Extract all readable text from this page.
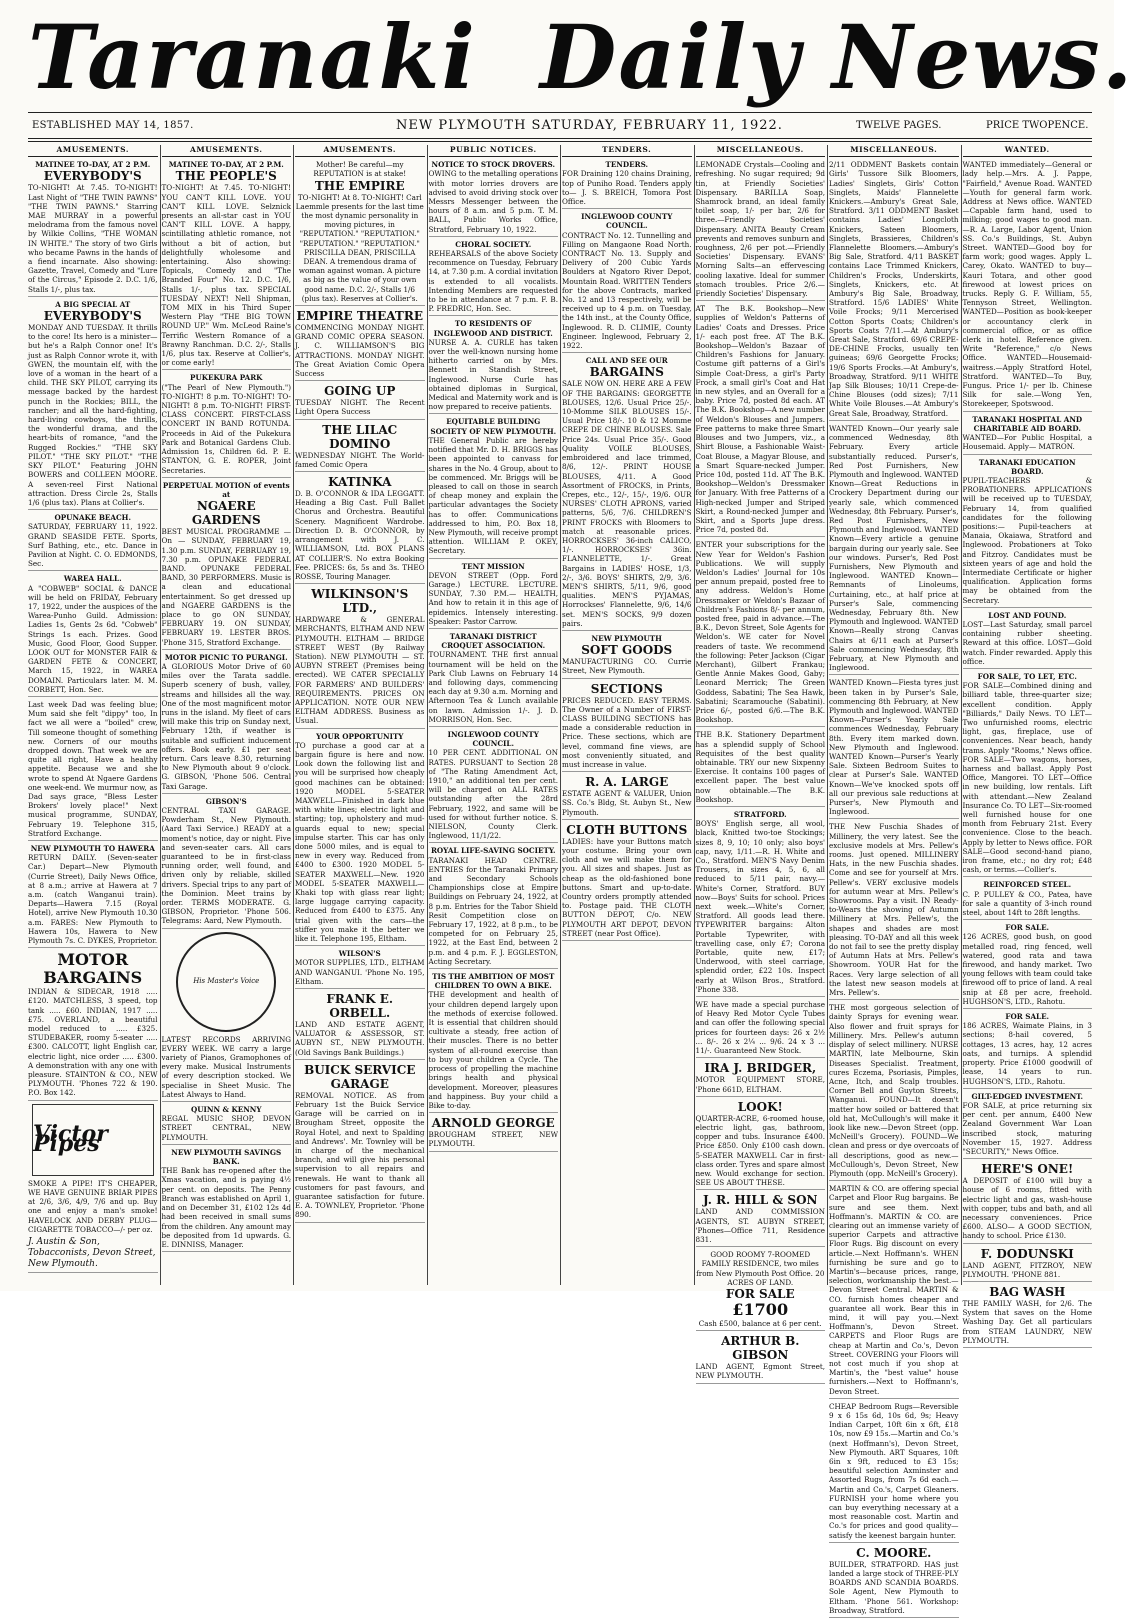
Taranaki Daily News.
ESTABLISHED MAY 14, 1857.	NEW PLYMOUTH SATURDAY, FEBRUARY 11, 1922.	TWELVE PAGES.	PRICE TWOPENCE.
AMUSEMENTS.
MATINEE TO-DAY, AT 2 P.M.
EVERYBODY'S

TO-NIGHT! At 7.45. TO-NIGHT! Last Night of "THE TWIN PAWNS" "THE TWIN PAWNS." Starring MAE MURRAY in a powerful melodrama from the famous novel by Wilkie Collins, "THE WOMAN IN WHITE." The story of two Girls who became Pawns in the hands of a fiend incarnate. Also showing: Gazette, Travel, Comedy and "Lure of the Circus," Episode 2. D.C. 1/6, Stalls 1/-, plus tax.

A BIG SPECIAL AT
EVERYBODY'S

MONDAY AND TUESDAY. It thrills to the core! Its hero is a minister—but he's a Ralph Connor one! It's just as Ralph Connor wrote it, with GWEN, the mountain elf, with the love of a woman in the heart of a child. THE SKY PILOT, carrying its message backed by the hardest punch in the Rockies; BILL, the rancher; and all the hard-fighting, hard-living cowboys, the thrills, the wonderful drama, and the heart-bits of romance, "and the Rugged Rockies." "THE SKY PILOT." "THE SKY PILOT." "THE SKY PILOT." Featuring JOHN BOWERS and COLLEEN MOORE. A seven-reel First National attraction. Dress Circle 2s, Stalls 1/6 (plus tax). Plans at Collier's.

OPUNAKE BEACH.

SATURDAY, FEBRUARY 11, 1922. GRAND SEASIDE FETE. Sports, Surf Bathing, etc., etc. Dance in Pavilion at Night. C. O. EDMONDS, Sec.

WAREA HALL.

A "COBWEB" SOCIAL & DANCE will be held on FRIDAY, February 17, 1922, under the auspices of the Warea-Punho Guild. Admission: Ladies 1s, Gents 2s 6d. "Cobweb" Strings 1s each. Prizes. Good Music, Good Floor, Good Supper. LOOK OUT for MONSTER FAIR & GARDEN FETE & CONCERT, March 15, 1922, in WAREA DOMAIN. Particulars later. M. M. CORBETT, Hon. Sec.

Last week Dad was feeling blue; Mum said she felt "dippy" too, In fact we all were a "boiled" crew, Till someone thought of something new. Corners of our mouths dropped down. That week we are quite all right, Have a healthy appetite. Because we and she wrote to spend At Ngaere Gardens one week-end. We murmur now, as Dad says grace, "Bless Lester Brokers' lovely place!" Next musical programme, SUNDAY, February 19. Telephone 315, Stratford Exchange.

NEW PLYMOUTH TO HAWERA

RETURN DAILY. (Seven-seater Car.) Depart—New Plymouth (Currie Street), Daily News Office, at 8 a.m.; arrive at Hawera at 7 a.m. (catch Wanganui train). Departs—Hawera 7.15 (Royal Hotel), arrive New Plymouth 10.30 a.m. FARES: New Plymouth to Hawera 10s, Hawera to New Plymouth 7s. C. DYKES, Proprietor.

MOTOR BARGAINS

INDIAN & SIDECAR, 1918 ..... £120. MATCHLESS, 3 speed, top tank ..... £60. INDIAN, 1917 ..... £75. OVERLAND, a beautiful model reduced to ..... £325. STUDEBAKER, roomy 5-seater ..... £300. CALCOTT, light English car, electric light, nice order ..... £300. A demonstration with any one with pleasure. STAINTON & CO., NEW PLYMOUTH. 'Phones 722 & 190. P.O. Box 142.

Victor Pipes

SMOKE A PIPE! IT'S CHEAPER, WE HAVE GENUINE BRIAR PIPES at 2/6, 3/6, 4/9, 7/6 and up. Buy one and enjoy a man's smoke! HAVELOCK AND DERBY PLUG—CIGARETTE TOBACCO—/- per oz.

J. Austin & Son, Tobacconists, Devon Street, New Plymouth.
AMUSEMENTS.
MATINEE TO-DAY, AT 2 P.M.
THE PEOPLE'S

TO-NIGHT! At 7.45. TO-NIGHT! YOU CAN'T KILL LOVE. YOU CAN'T KILL LOVE. Selznick presents an all-star cast in YOU CAN'T KILL LOVE. A happy, scintillating athletic romance, not without a bit of action, but delightfully wholesome and entertaining. Also showing: Topicals, Comedy and "The Branded Four" No. 12. D.C. 1/6, Stalls 1/-, plus tax. SPECIAL TUESDAY NEXT! Nell Shipman, TOM MIX in his Third Super Western Play "THE BIG TOWN ROUND UP." Wm. McLeod Raine's Terrific Western Romance of a Brawny Ranchman. D.C. 2/-, Stalls 1/6, plus tax. Reserve at Collier's, or come early!

PUKEKURA PARK

("The Pearl of New Plymouth.") TO-NIGHT! 8 p.m. TO-NIGHT! TO-NIGHT! 8 p.m. TO-NIGHT! FIRST-CLASS CONCERT. FIRST-CLASS CONCERT IN BAND ROTUNDA. Proceeds in Aid of the Pukekura Park and Botanical Gardens Club. Admission 1s, Children 6d. P. E. STANTON, G. E. ROPER, Joint Secretaries.

PERPETUAL MOTION of events at
NGAERE GARDENS

BEST MUSICAL PROGRAMME — On — SUNDAY, FEBRUARY 19, 1.30 p.m. SUNDAY, FEBRUARY 19, 7.30 p.m. OPUNAKE FEDERAL BAND. OPUNAKE FEDERAL BAND, 30 PERFORMERS. Music is a clean and educational entertainment. So get dressed up and NGAERE GARDENS is the place to go ON SUNDAY, FEBRUARY 19. ON SUNDAY, FEBRUARY 19. LESTER BROS. 'Phone 315, Stratford Exchange.

MOTOR PICNIC TO PURANGI.

A GLORIOUS Motor Drive of 60 miles over the Tarata saddle. Superb scenery of bush, valley, streams and hillsides all the way. One of the most magnificent motor runs in the island. My fleet of cars will make this trip on Sunday next, February 12th, if weather is suitable and sufficient inducement offers. Book early. £1 per seat return. Cars leave 8.30, returning to New Plymouth about 9 o'clock. G. GIBSON, 'Phone 506. Central Taxi Garage.

GIBSON'S

CENTRAL TAXI GARAGE. Powderham St., New Plymouth. (Aard Taxi Service.) READY at a moment's notice, day or night. Five and seven-seater cars. All cars guaranteed to be in first-class running order, well found, and driven only by reliable, skilled drivers. Special trips to any part of the Dominion. Meet trains by order. TERMS MODERATE. G. GIBSON, Proprietor. 'Phone 506. Telegrams: Aard, New Plymouth.

His Master's Voice

LATEST RECORDS ARRIVING EVERY WEEK. WE carry a large variety of Pianos, Gramophones of every make. Musical Instruments of every description stocked. We specialise in Sheet Music. The Latest Always to Hand.

QUINN & KENNY

REGAL MUSIC SHOP, DEVON STREET CENTRAL, NEW PLYMOUTH.

NEW PLYMOUTH SAVINGS BANK.

THE Bank has re-opened after the Xmas vacation, and is paying 4½ per cent. on deposits. The Penny Branch was established on April 1, and on December 31, £102 12s 4d had been received in small sums from the children. Any amount may be deposited from 1d upwards. G. E. DINNISS, Manager.

AMUSEMENTS.

Mother! Be careful—my REPUTATION is at stake!

THE EMPIRE

TO-NIGHT! At 8. TO-NIGHT! Carl Laemmle presents for the last time the most dynamic personality in moving pictures, in "REPUTATION." "REPUTATION." "REPUTATION." "REPUTATION." PRISCILLA DEAN, PRISCILLA DEAN. A tremendous drama of woman against woman. A picture as big as the value of your own good name. D.C. 2/-, Stalls 1/6 (plus tax). Reserves at Collier's.

EMPIRE THEATRE

COMMENCING MONDAY NIGHT. GRAND COMIC OPERA SEASON. J. C. WILLIAMSON'S BIG ATTRACTIONS. MONDAY NIGHT. The Great Aviation Comic Opera Success

GOING UP

TUESDAY NIGHT. The Recent Light Opera Success

THE LILAC DOMINO

WEDNESDAY NIGHT. The World-famed Comic Opera

KATINKA

D. B. O'CONNOR & IDA LEGGATT. Heading a Big Cast. Full Ballet Chorus and Orchestra. Beautiful Scenery. Magnificent Wardrobe. Direction D. B. O'CONNOR, by arrangement with J. C. WILLIAMSON, Ltd. BOX PLANS AT COLLIER'S. No extra Booking Fee. PRICES: 6s, 5s and 3s. THEO ROSSE, Touring Manager.

WILKINSON'S LTD.,

HARDWARE & GENERAL MERCHANTS, ELTHAM AND NEW PLYMOUTH. ELTHAM — BRIDGE STREET WEST (By Railway Station). NEW PLYMOUTH — ST. AUBYN STREET (Premises being erected). WE CATER SPECIALLY FOR FARMERS' AND BUILDERS' REQUIREMENTS. PRICES ON APPLICATION. NOTE OUR NEW ELTHAM ADDRESS. Business as Usual.

YOUR OPPORTUNITY

TO purchase a good car at a bargain figure is here and now. Look down the following list and you will be surprised how cheaply good machines can be obtained: 1920 MODEL 5-SEATER MAXWELL—Finished in dark blue with white lines; electric light and starting; top, upholstery and mud-guards equal to new; special impulse starter. This car has only done 5000 miles, and is equal to new in every way. Reduced from £400 to £300. 1920 MODEL 5-SEATER MAXWELL—New. 1920 MODEL 5-SEATER MAXWELL—Khaki top with glass rear light; large luggage carrying capacity. Reduced from £400 to £375. Any trial given with the cars—the stiffer you make it the better we like it. Telephone 195, Eltham.

WILSON'S

MOTOR SUPPLIES, LTD., ELTHAM AND WANGANUI. 'Phone No. 195, Eltham.

FRANK E. ORBELL.

LAND AND ESTATE AGENT, VALUATOR & ASSESSOR, ST. AUBYN ST., NEW PLYMOUTH. (Old Savings Bank Buildings.)

BUICK SERVICE GARAGE

REMOVAL NOTICE. AS from February 1st the Buick Service Garage will be carried on in Brougham Street, opposite the Royal Hotel, and next to Spalding and Andrews'. Mr. Townley will be in charge of the mechanical branch, and will give his personal supervision to all repairs and renewals. He want to thank all customers for past favours, and guarantee satisfaction for future. E. A. TOWNLEY, Proprietor. 'Phone 890.

PUBLIC NOTICES.
NOTICE TO STOCK DROVERS.

OWING to the metalling operations with motor lorries drovers are advised to avoid driving stock over Messrs Messenger between the hours of 8 a.m. and 5 p.m. T. M. BALL, Public Works Office, Stratford, February 10, 1922.

CHORAL SOCIETY.

REHEARSALS of the above Society recommence on Tuesday, February 14, at 7.30 p.m. A cordial invitation is extended to all vocalists. Intending Members are requested to be in attendance at 7 p.m. F. B. P. FREDRIC, Hon. Sec.

TO RESIDENTS OF INGLEWOOD AND DISTRICT.

NURSE A. A. CURLE has taken over the well-known nursing home hitherto carried on by Mrs. Bennett in Standish Street, Inglewood. Nurse Curle has obtained diplomas in Surgical, Medical and Maternity work and is now prepared to receive patients.

EQUITABLE BUILDING SOCIETY OF NEW PLYMOUTH.

THE General Public are hereby notified that Mr. D. H. BRIGGS has been appointed to canvass for shares in the No. 4 Group, about to be commenced. Mr. Briggs will be pleased to call on those in search of cheap money and explain the particular advantages the Society has to offer. Communications addressed to him, P.O. Box 18, New Plymouth, will receive prompt attention. WILLIAM P. OKEY, Secretary.

TENT MISSION

DEVON STREET (Opp. Ford Garage.) LECTURE. LECTURE. SUNDAY, 7.30 P.M.— HEALTH, And how to retain it in this age of epidemics. Intensely interesting. Speaker: Pastor Carrow.

TARANAKI DISTRICT CROQUET ASSOCIATION.

TOURNAMENT. THE first annual tournament will be held on the Park Club Lawns on February 14 and following days, commencing each day at 9.30 a.m. Morning and Afternoon Tea & Lunch available on lawn. Admission 1/-. J. D. MORRISON, Hon. Sec.

INGLEWOOD COUNTY COUNCIL.

10 PER CENT. ADDITIONAL ON RATES. PURSUANT to Section 28 of "The Rating Amendment Act, 1910," an additional ten per cent. will be charged on ALL RATES outstanding after the 28rd February, 1922, and same will be used for without further notice. S. NIELSON, County Clerk. Inglewood, 11/1/22.

ROYAL LIFE-SAVING SOCIETY.

TARANAKI HEAD CENTRE. ENTRIES for the Taranaki Primary and Secondary Schools Championships close at Empire Buildings on February 24, 1922, at 8 p.m. Entries for the Tabor Shield Resit Competition close on February 17, 1922, at 8 p.m., to be competed for on February 25, 1922, at the East End, between 2 p.m. and 4 p.m. F. J. EGGLESTON, Acting Secretary.

TIS THE AMBITION OF MOST CHILDREN TO OWN A BIKE.

THE development and health of your children depend largely upon the methods of exercise followed. It is essential that children should cultivate a steady, free action of their muscles. There is no better system of all-round exercise than to buy your children a Cycle. The process of propelling the machine brings health and physical development. Moreover, pleasures and happiness. Buy your child a Bike to-day.

ARNOLD GEORGE

BROUGHAM STREET, NEW PLYMOUTH.

TENDERS.
TENDERS.

FOR Draining 120 chains Draining, top of Puniho Road. Tenders apply to— J. S. BREICH, Tomora Post Office.

INGLEWOOD COUNTY COUNCIL.

CONTRACT No. 12. Tunnelling and Filling on Mangaone Road North. CONTRACT No. 13. Supply and Delivery of 200 Cubic Yards Boulders at Ngatoro River Depot, Mountain Road. WRITTEN Tenders for the above Contracts, marked No. 12 and 13 respectively, will be received up to 4 p.m. on Tuesday, the 14th inst., at the County Office, Inglewood. R. D. CLIMIE, County Engineer. Inglewood, February 2, 1922.

CALL AND SEE OUR
BARGAINS

SALE NOW ON. HERE ARE A FEW OF THE BARGAINS: GEORGETTE BLOUSES, 12/6. Usual Price 25/-. 10-Momme SILK BLOUSES 15/-. Usual Price 18/-. 10 & 12 Momme CREPE DE CHINE BLOUSES. Sale Price 24s. Usual Price 35/-. Good Quality VOILE BLOUSES, embroidered and lace trimmed, 8/6, 12/-. PRINT HOUSE BLOUSES, 4/11. A Good Assortment of FROCKS, in Prints, Crepes, etc., 12/-, 15/-, 19/6. OUR NURSES' CLOTH APRONS, varied patterns, 5/6, 7/6. CHILDREN'S PRINT FROCKS with Bloomers to match at reasonable prices. HORROCKSES' 36-inch CALICO, 1/-. HORROCKSES' 36in. FLANNELETTE, 1/-. Great Bargains in LADIES' HOSE, 1/3, 2/-, 3/6. BOYS' SHIRTS, 2/9, 3/6. MEN'S SHIRTS, 5/11, 9/6, good qualities. MEN'S PYJAMAS, Horrockses' Flannelette, 9/6, 14/6 set. MEN'S SOCKS, 9/9 dozen pairs.

NEW PLYMOUTH
SOFT GOODS

MANUFACTURING CO. Currie Street, New Plymouth.

SECTIONS

PRICES REDUCED. EASY TERMS. The Owner of a Number of FIRST-CLASS BUILDING SECTIONS has made a considerable reduction in Price. These sections, which are level, command fine views, are most conveniently situated, and must increase in value.

R. A. LARGE

ESTATE AGENT & VALUER, Union SS. Co.'s Bldg, St. Aubyn St., New Plymouth.

CLOTH BUTTONS

LADIES: have your Buttons match your costume. Bring your own cloth and we will make them for you. All sizes and shapes. Just as cheap as the old-fashioned bone buttons. Smart and up-to-date. Country orders promptly attended to. Postage paid. THE CLOTH BUTTON DEPOT, C/o. NEW PLYMOUTH ART DEPOT, DEVON STREET (near Post Office).

MISCELLANEOUS.

LEMONADE Crystals—Cooling and refreshing. No sugar required; 9d tin, at Friendly Societies' Dispensary. BARILLA Soap, Shamrock brand, an ideal family toilet soap, 1/- per bar, 2/6 for three.—Friendly Societies' Dispensary. ANITA Beauty Cream prevents and removes sunburn and roughness, 2/6 per pot.—Friendly Societies' Dispensary. EVANS' Morning Salts—an effervescing cooling laxative. Ideal for summer stomach troubles. Price 2/6.—Friendly Societies' Dispensary.

AT The B.K. Bookshop—New supplies of Weldon's Patterns of Ladies' Coats and Dresses. Price 1/- each post free. AT The B.K. Bookshop—Weldon's Bazaar of Children's Fashions for January. Costume gift patterns of a Girl's Simple Coat-Dress, a girl's Party Frock, a small girl's Coat and Hat in new styles, and an Overall for a baby. Price 7d, posted 8d each. AT The B.K. Bookshop—A new number of Weldon's Blouses and Jumpers. Free patterns to make three Smart Blouses and two Jumpers, viz., a Shirt Blouse, a Fashionable Waist-Coat Blouse, a Magyar Blouse, and a Smart Square-necked Jumper. Price 10d, posted 11d. AT The B.K. Bookshop—Weldon's Dressmaker for January. With free Patterns of a High-necked Jumper and Striped Skirt, a Round-necked Jumper and Skirt, and a Sports Jupe dress. Price 7d, posted 8d.

ENTER your subscriptions for the New Year for Weldon's Fashion Publications. We will supply Weldon's Ladies' Journal for 10s per annum prepaid, posted free to any address. Weldon's Home Dressmaker or Weldon's Bazaar of Children's Fashions 8/- per annum, posted free, paid in advance.—The B.K., Devon Street, Sole Agents for Weldon's. WE cater for Novel readers of taste. We recommend the following: Peter Jackson (Cigar Merchant), Gilbert Frankau; Gentle Annie Makes Good, Gaby; Leonard Merrick; The Green Goddess, Sabatini; The Sea Hawk, Sabatini; Scaramouche (Sabatini). Price 6/-, posted 6/6.—The B.K. Bookshop.

THE B.K. Stationery Department has a splendid supply of School Requisites of the best quality obtainable. TRY our new Sixpenny Exercise. It contains 100 pages of excellent paper. The best value now obtainable.—The B.K. Bookshop.

STRATFORD.

BOYS' English serge, all wool, black, Knitted two-toe Stockings; sizes 8, 9, 10; 10 only; also boys' cap, navy, 1/11.—R. H. White and Co., Stratford. MEN'S Navy Denim Trousers, in sizes 4, 5, 6, all reduced to 5/11 pair, navy.—White's Corner, Stratford. BUY now—Boys' Suits for school. Prices next week.—White's Corner, Stratford. All goods lead there. TYPEWRITER bargains: Alton Portable Typewriter, with travelling case, only £7; Corona Portable, quite new, £17; Underwood, with steel carriage, splendid order, £22 10s. Inspect early at Wilson Bros., Stratford. 'Phone 338.

WE have made a special purchase of Heavy Red Motor Cycle Tubes and can offer the following special prices for fourteen days: 26 x 2½ ... 8/-. 26 x 2¼ ... 9/6. 24 x 3 ... 11/-. Guaranteed New Stock.

IRA J. BRIDGER,

MOTOR EQUIPMENT STORE, 'Phone 661D, ELTHAM.

LOOK!

QUARTER-ACRE, 6-roomed house, electric light, gas, bathroom, copper and tubs. Insurance £400. Price £850. Only £100 cash down. 5-SEATER MAXWELL Car in first-class order. Tyres and spare almost new. Would exchange for section. SEE US ABOUT THESE.

J. R. HILL & SON

LAND AND COMMISSION AGENTS, ST. AUBYN STREET, 'Phones—Office 711, Residence 831.

GOOD ROOMY 7-ROOMED FAMILY RESIDENCE, two miles from New Plymouth Post Office. 20 ACRES OF LAND.

FOR SALE
£1700

Cash £500, balance at 6 per cent.

ARTHUR B. GIBSON

LAND AGENT, Egmont Street, NEW PLYMOUTH.

MISCELLANEOUS.

2/11 ODDMENT Baskets contain Girls' Tussore Silk Bloomers, Ladies' Singlets, Girls' Cotton Singlets, Maids' Flannelette Knickers.—Ambury's Great Sale, Stratford. 3/11 ODDMENT Basket contains Ladies' Longcloth Knickers, Sateen Bloomers, Singlets, Brassieres, Children's Flannelette Bloomers.—Ambury's Big Sale, Stratford. 4/11 BASKET contains Lace Trimmed Knickers, Children's Frocks, Underskirts, Singlets, Knickers, etc. At Ambury's Big Sale, Broadway, Stratford. 15/6 LADIES' White Voile Frocks; 9/11 Mercerised Cotton Sports Coats; Children's Sports Coats 7/11.—At Ambury's Great Sale, Stratford. 69/6 CREPE-DE-CHINE Frocks, usually ten guineas; 69/6 Georgette Frocks; 19/6 Sports Frocks.—At Ambury's, Broadway, Stratford. 9/11 WHITE Jap Silk Blouses; 10/11 Crepe-de-Chine Blouses (odd sizes); 7/11 White Voile Blouses.—At Ambury's Great Sale, Broadway, Stratford.

WANTED Known—Our yearly sale commenced Wednesday, 8th February. Every article substantially reduced. Purser's, Red Post Furnishers, New Plymouth and Inglewood. WANTED Known—Great Reductions in Crockery Department during our yearly sale, which commenced Wednesday, 8th February. Purser's, Red Post Furnishers, New Plymouth and Inglewood. WANTED Known—Every article a genuine bargain during our yearly sale. See our windows. Purser's, Red Post Furnishers, New Plymouth and Inglewood. WANTED Known—Remnants of Linoleums, Curtaining, etc., at half price at Purser's Sale, commencing Wednesday, February 8th. New Plymouth and Inglewood. WANTED Known—Really strong Canvas Chairs at 6/11 each at Purser's Sale commencing Wednesday, 8th February, at New Plymouth and Inglewood.

WANTED Known—Fiesta tyres just been taken in by Purser's Sale, commencing 8th February, at New Plymouth and Inglewood. WANTED Known—Purser's Yearly Sale commences Wednesday, February 8th. Every item marked down. New Plymouth and Inglewood. WANTED Known—Purser's Yearly Sale. Sixteen Bedroom Suites to clear at Purser's Sale. WANTED Known—We've knocked spots off all our previous sale reductions at Purser's, New Plymouth and Inglewood.

THE New Fuschia Shades of Millinery, the very latest. See the exclusive models at Mrs. Pellew's rooms. Just opened. MILLINERY Hats, in the new Fuschia shades. Come and see for yourself at Mrs. Pellew's. VERY exclusive models for autumn wear at Mrs. Pellew's Showrooms. Pay a visit. IN Ready-to-Wears the showing of Autumn Millinery at Mrs. Pellew's, the shapes and shades are most pleasing. TO-DAY and all this week do not fail to see the pretty display of Autumn Hats at Mrs. Pellew's Showroom. YOUR Hat for the Races. Very large selection of all the latest new season models at Mrs. Pellew's.

THE most gorgeous selection of dainty Sprays for evening wear. Also flower and fruit sprays for Millinery. Mrs. Pellew's autumn display of select millinery. NURSE MARTIN, late Melbourne, Skin Diseases Specialist. Treatment, cures Eczema, Psoriasis, Pimples, Acne, Itch, and Scalp troubles. Corner Bell and Guyton Streets, Wanganui. FOUND—It doesn't matter how soiled or battered that old hat, McCullough's will make it look like new.—Devon Street (opp. McNeill's Grocery). FOUND—We clean and press or dye overcoats of all descriptions, good as new.—McCullough's, Devon Street, New Plymouth (opp. McNeill's Grocery).

MARTIN & CO. are offering special Carpet and Floor Rug bargains. Be sure and see them. Next Hoffmann's. MARTIN & CO. are clearing out an immense variety of superior Carpets and attractive Floor Rugs. Big discount on every article.—Next Hoffmann's. WHEN furnishing be sure and go to Martin's—because prices, range, selection, workmanship the best.—Devon Street Central. MARTIN & CO. furnish homes cheaper and guarantee all work. Bear this in mind, it will pay you.—Next Hoffmann's, Devon Street. CARPETS and Floor Rugs are cheap at Martin and Co.'s, Devon Street. COVERING your Floors will not cost much if you shop at Martin's, the "best value" house furnishers.—Next to Hoffmann's, Devon Street.

CHEAP Bedroom Rugs—Reversible 9 x 6 15s 6d, 10s 6d, 9s; Heavy Indian Carpet, 10ft 6in x 6ft, £18 10s, now £9 15s.—Martin and Co.'s (next Hoffmann's), Devon Street, New Plymouth. ART Squares, 10ft 6in x 9ft, reduced to £3 15s; beautiful selection Axminster and Assorted Rugs, from 7s 6d each.—Martin and Co.'s, Carpet Gleaners. FURNISH your home where you can buy everything necessary at a most reasonable cost. Martin and Co.'s for prices and good quality—satisfy the keenest bargain hunter.

C. MOORE.

BUILDER, STRATFORD. HAS just landed a large stock of THREE-PLY BOARDS AND SCANDIA BOARDS. Sole Agent, New Plymouth to Eltham. 'Phone 561. Workshop: Broadway, Stratford.

WANTED.

WANTED immediately—General or lady help.—Mrs. A. J. Pappe, "Fairfield," Avenue Road. WANTED—Youth for general farm work. Address at News office. WANTED—Capable farm hand, used to milking; good wages to good man.—R. A. Large, Labor Agent, Union SS. Co.'s Buildings, St. Aubyn Street. WANTED—Good boy for farm work; good wages. Apply L. Carey, Okato. WANTED to buy—Kauri Totara, and other good firewood at lowest prices on trucks. Reply G. F. William, 55, Tennyson Street, Wellington. WANTED—Position as book-keeper or accountancy clerk in commercial office, or as office clerk in hotel. Reference given. Write "Reference," c/o News Office. WANTED—Housemaid-waitress.—Apply Stratford Hotel, Stratford. WANTED—To Buy, Fungus. Price 1/- per lb. Chinese Silk for sale.—Wong Yen, Storekeeper, Spotswood.

TARANAKI HOSPITAL AND CHARITABLE AID BOARD.

WANTED—For Public Hospital, a Housemaid. Apply— MATRON.

TARANAKI EDUCATION BOARD.

PUPIL-TEACHERS & PROBATIONERS. APPLICATIONS will be received up to TUESDAY, February 14, from qualified candidates for the following positions:— Pupil-teachers at Manaia, Okaiawa, Stratford and Inglewood. Probationers at Toko and Fitzroy. Candidates must be sixteen years of age and hold the Intermediate Certificate or higher qualification. Application forms may be obtained from the Secretary.

LOST AND FOUND.

LOST—Last Saturday, small parcel containing rubber sheeting. Reward at this office. LOST—Gold watch. Finder rewarded. Apply this office.

FOR SALE, TO LET, ETC.

FOR SALE—Combined dining and billiard table, three-quarter size; excellent condition. Apply "Billiards," Daily News. TO LET—Two unfurnished rooms, electric light, gas, fireplace, use of conveniences. Near beach, handy trams. Apply "Rooms," News office. FOR SALE—Two wagons, horses, harness and ballast. Apply Post Office, Mangorei. TO LET—Office in new building, low rentals. Lift with attendant.—New Zealand Insurance Co. TO LET—Six-roomed well furnished house for one month from February 21st. Every convenience. Close to the beach. Apply by letter to News office. FOR SALE—Good second-hand piano, iron frame, etc.; no dry rot; £48 cash, or terms.—Collier's.

REINFORCED STEEL.

C. P. PULLEY & CO., Patea, have for sale a quantity of 3-inch round steel, about 14ft to 28ft lengths.

FOR SALE.

126 ACRES, good bush, on good metalled road, ring fenced, well watered, good rata and tawa firewood, and handy market. Two young fellows with team could take firewood off to price of land. A real snip at £8 per acre, freehold. HUGHSON'S, LTD., Rahotu.

FOR SALE.

186 ACRES, Waimate Plains, in 3 sections; 8-hail covered, 5 cottages, 13 acres, hay, 12 acres oats, and turnips. A splendid property. Price £1000 goodwill of lease, 14 years to run. HUGHSON'S, LTD., Rahotu.

GILT-EDGED INVESTMENT.

FOR SALE, at price returning six per cent. per annum, £400 New Zealand Government War Loan inscribed stock, maturing November 15, 1927. Address "SECURITY," News Office.

HERE'S ONE!

A DEPOSIT of £100 will buy a house of 6 rooms, fitted with electric light and gas, wash-house with copper, tubs and bath, and all necessary conveniences. Price £600. ALSO— A GOOD SECTION, handy to school. Price £130.

F. DODUNSKI

LAND AGENT, FITZROY, NEW PLYMOUTH. 'PHONE 881.

BAG WASH

THE FAMILY WASH, for 2/6. The System that saves on the Home Washing Day. Get all particulars from STEAM LAUNDRY, NEW PLYMOUTH.
